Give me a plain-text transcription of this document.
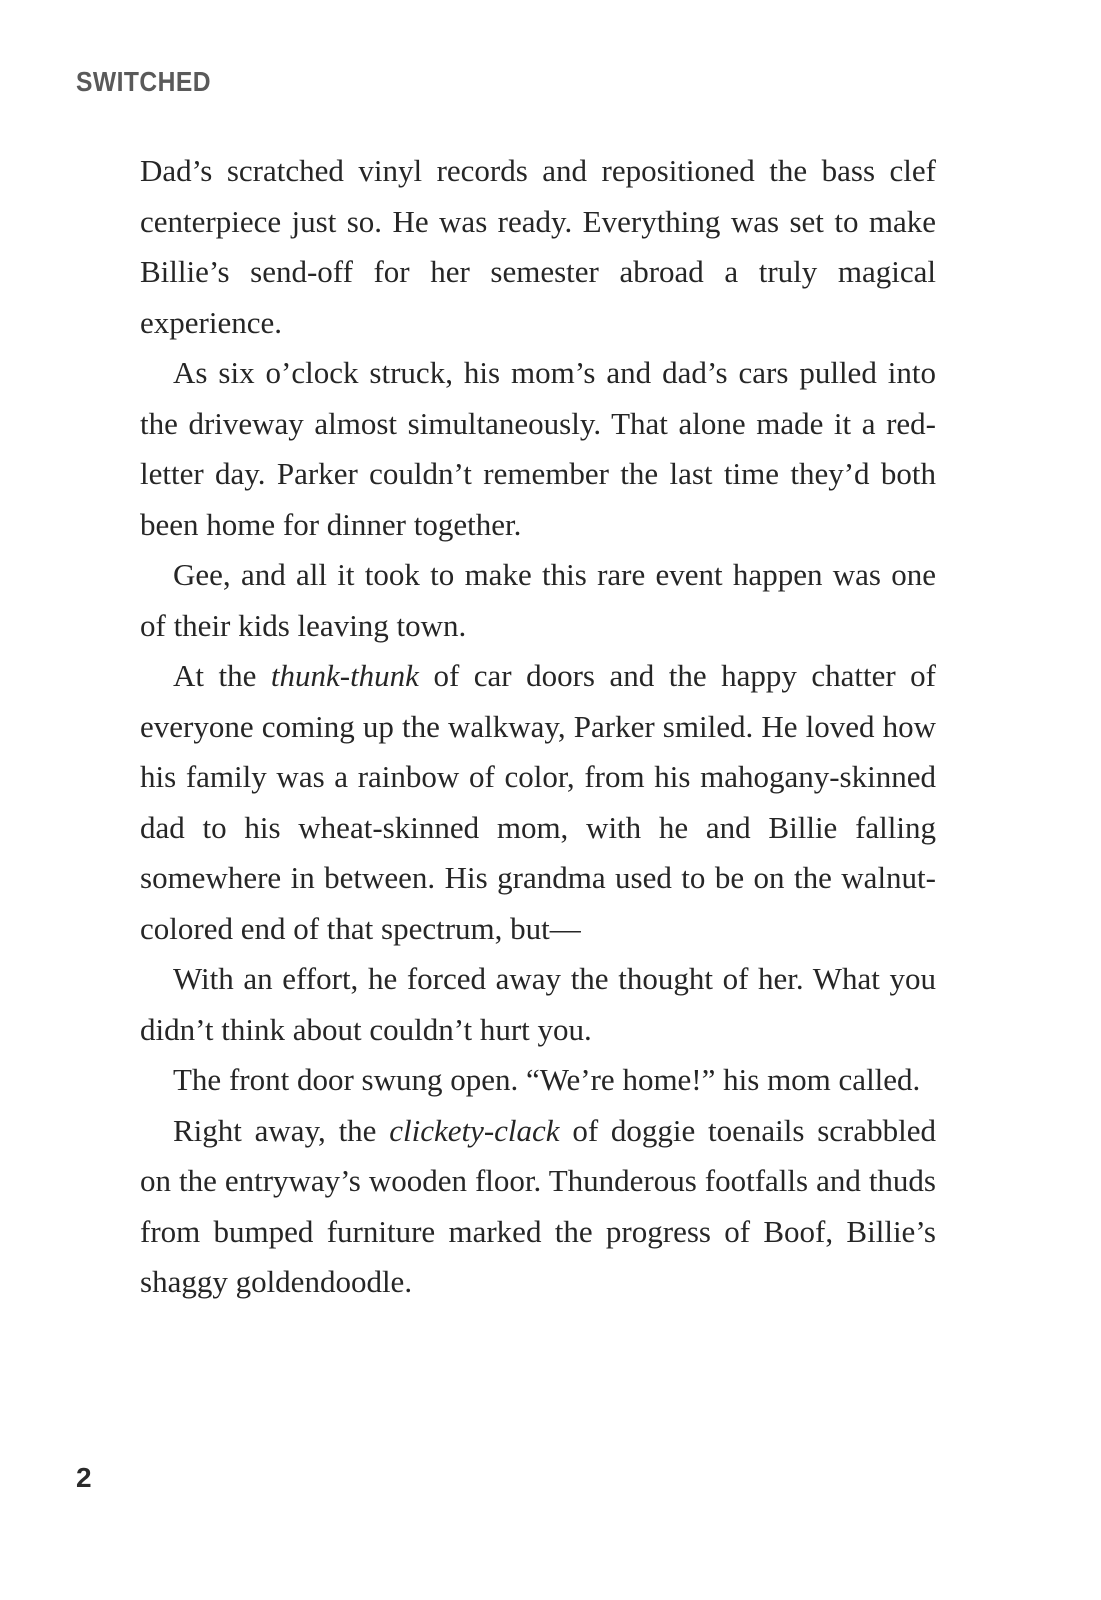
SWITCHED

Dad’s scratched vinyl records and repositioned the bass clef centerpiece just so. He was ready. Everything was set to make Billie’s send-off for her semester abroad a truly magical experience.

As six o’clock struck, his mom’s and dad’s cars pulled into the driveway almost simultaneously. That alone made it a red-letter day. Parker couldn’t remember the last time they’d both been home for dinner together.

Gee, and all it took to make this rare event happen was one of their kids leaving town.

At the thunk-thunk of car doors and the happy chatter of everyone coming up the walkway, Parker smiled. He loved how his family was a rainbow of color, from his mahogany-skinned dad to his wheat-skinned mom, with he and Billie falling somewhere in between. His grandma used to be on the walnut-colored end of that spectrum, but—

With an effort, he forced away the thought of her. What you didn’t think about couldn’t hurt you.

The front door swung open. “We’re home!” his mom called.

Right away, the clickety-clack of doggie toenails scrabbled on the entryway’s wooden floor. Thunderous footfalls and thuds from bumped furniture marked the progress of Boof, Billie’s shaggy goldendoodle.

2
